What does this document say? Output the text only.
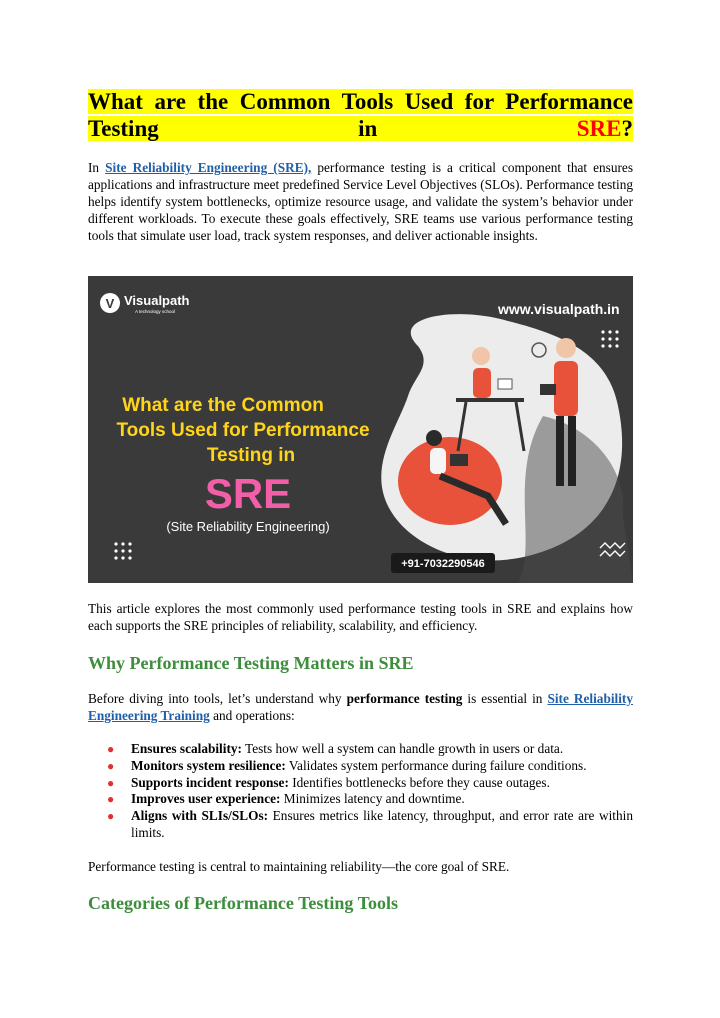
What are the Common Tools Used for Performance Testing in SRE?

In Site Reliability Engineering (SRE), performance testing is a critical component that ensures applications and infrastructure meet predefined Service Level Objectives (SLOs). Performance testing helps identify system bottlenecks, optimize resource usage, and validate the system’s behavior under different workloads. To execute these goals effectively, SRE teams use various performance testing tools that simulate user load, track system responses, and deliver actionable insights.

V Visualpath
A technology school	www.visualpath.in
What are the Common
Tools Used for Performance
Testing in
SRE
(Site Reliability Engineering)
+91-7032290546

This article explores the most commonly used performance testing tools in SRE and explains how each supports the SRE principles of reliability, scalability, and efficiency.

Why Performance Testing Matters in SRE

Before diving into tools, let’s understand why performance testing is essential in Site Reliability Engineering Training and operations:

● Ensures scalability: Tests how well a system can handle growth in users or data.
● Monitors system resilience: Validates system performance during failure conditions.
● Supports incident response: Identifies bottlenecks before they cause outages.
● Improves user experience: Minimizes latency and downtime.
● Aligns with SLIs/SLOs: Ensures metrics like latency, throughput, and error rate are within limits.

Performance testing is central to maintaining reliability—the core goal of SRE.

Categories of Performance Testing Tools
